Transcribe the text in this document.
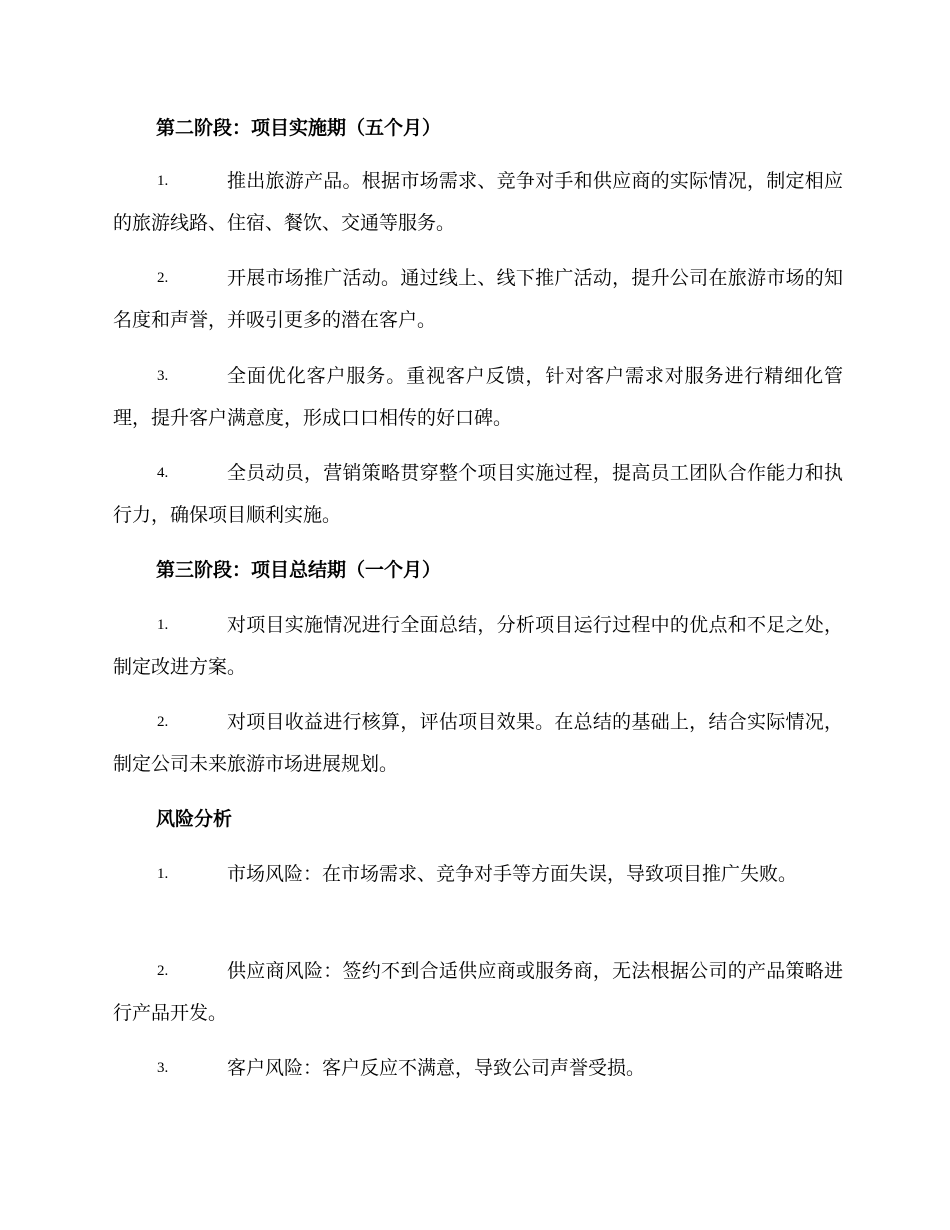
第二阶段：项目实施期（五个月）
1.	推出旅游产品。根据市场需求、竞争对手和供应商的实际情况，制定相应的旅游线路、住宿、餐饮、交通等服务。
2.	开展市场推广活动。通过线上、线下推广活动，提升公司在旅游市场的知名度和声誉，并吸引更多的潜在客户。
3.	全面优化客户服务。重视客户反馈，针对客户需求对服务进行精细化管理，提升客户满意度，形成口口相传的好口碑。
4.	全员动员，营销策略贯穿整个项目实施过程，提高员工团队合作能力和执行力，确保项目顺利实施。
第三阶段：项目总结期（一个月）
1.	对项目实施情况进行全面总结，分析项目运行过程中的优点和不足之处，制定改进方案。
2.	对项目收益进行核算，评估项目效果。在总结的基础上，结合实际情况，制定公司未来旅游市场进展规划。
风险分析
1.	市场风险：在市场需求、竞争对手等方面失误，导致项目推广失败。
2.	供应商风险：签约不到合适供应商或服务商，无法根据公司的产品策略进行产品开发。
3.	客户风险：客户反应不满意，导致公司声誉受损。
